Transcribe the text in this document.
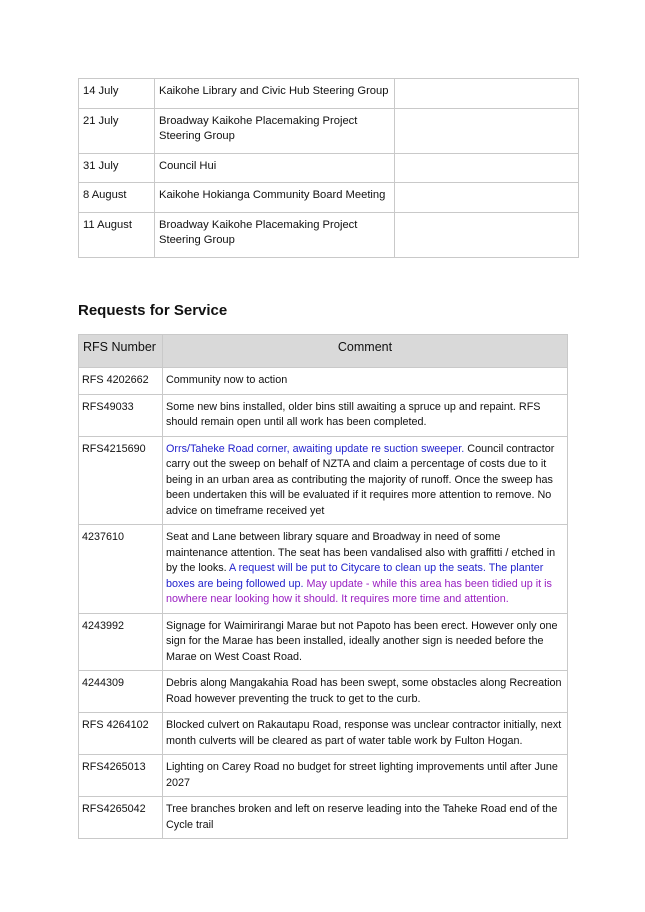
14 July	Kaikohe Library and Civic Hub Steering Group	
21 July	Broadway Kaikohe Placemaking Project Steering Group	
31 July	Council Hui	
8 August	Kaikohe Hokianga Community Board Meeting	
11 August	Broadway Kaikohe Placemaking Project Steering Group	
Requests for Service
RFS Number	Comment
RFS 4202662	Community now to action
RFS49033	Some new bins installed, older bins still awaiting a spruce up and repaint. RFS should remain open until all work has been completed.
RFS4215690	Orrs/Taheke Road corner, awaiting update re suction sweeper. Council contractor carry out the sweep on behalf of NZTA and claim a percentage of costs due to it being in an urban area as contributing the majority of runoff. Once the sweep has been undertaken this will be evaluated if it requires more attention to remove. No advice on timeframe received yet
4237610	Seat and Lane between library square and Broadway in need of some maintenance attention. The seat has been vandalised also with graffitti / etched in by the looks. A request will be put to Citycare to clean up the seats. The planter boxes are being followed up. May update - while this area has been tidied up it is nowhere near looking how it should. It requires more time and attention.
4243992	Signage for Waimirirangi Marae but not Papoto has been erect. However only one sign for the Marae has been installed, ideally another sign is needed before the Marae on West Coast Road.
4244309	Debris along Mangakahia Road has been swept, some obstacles along Recreation Road however preventing the truck to get to the curb.
RFS 4264102	Blocked culvert on Rakautapu Road, response was unclear contractor initially, next month culverts will be cleared as part of water table work by Fulton Hogan.
RFS4265013	Lighting on Carey Road no budget for street lighting improvements until after June 2027
RFS4265042	Tree branches broken and left on reserve leading into the Taheke Road end of the Cycle trail
